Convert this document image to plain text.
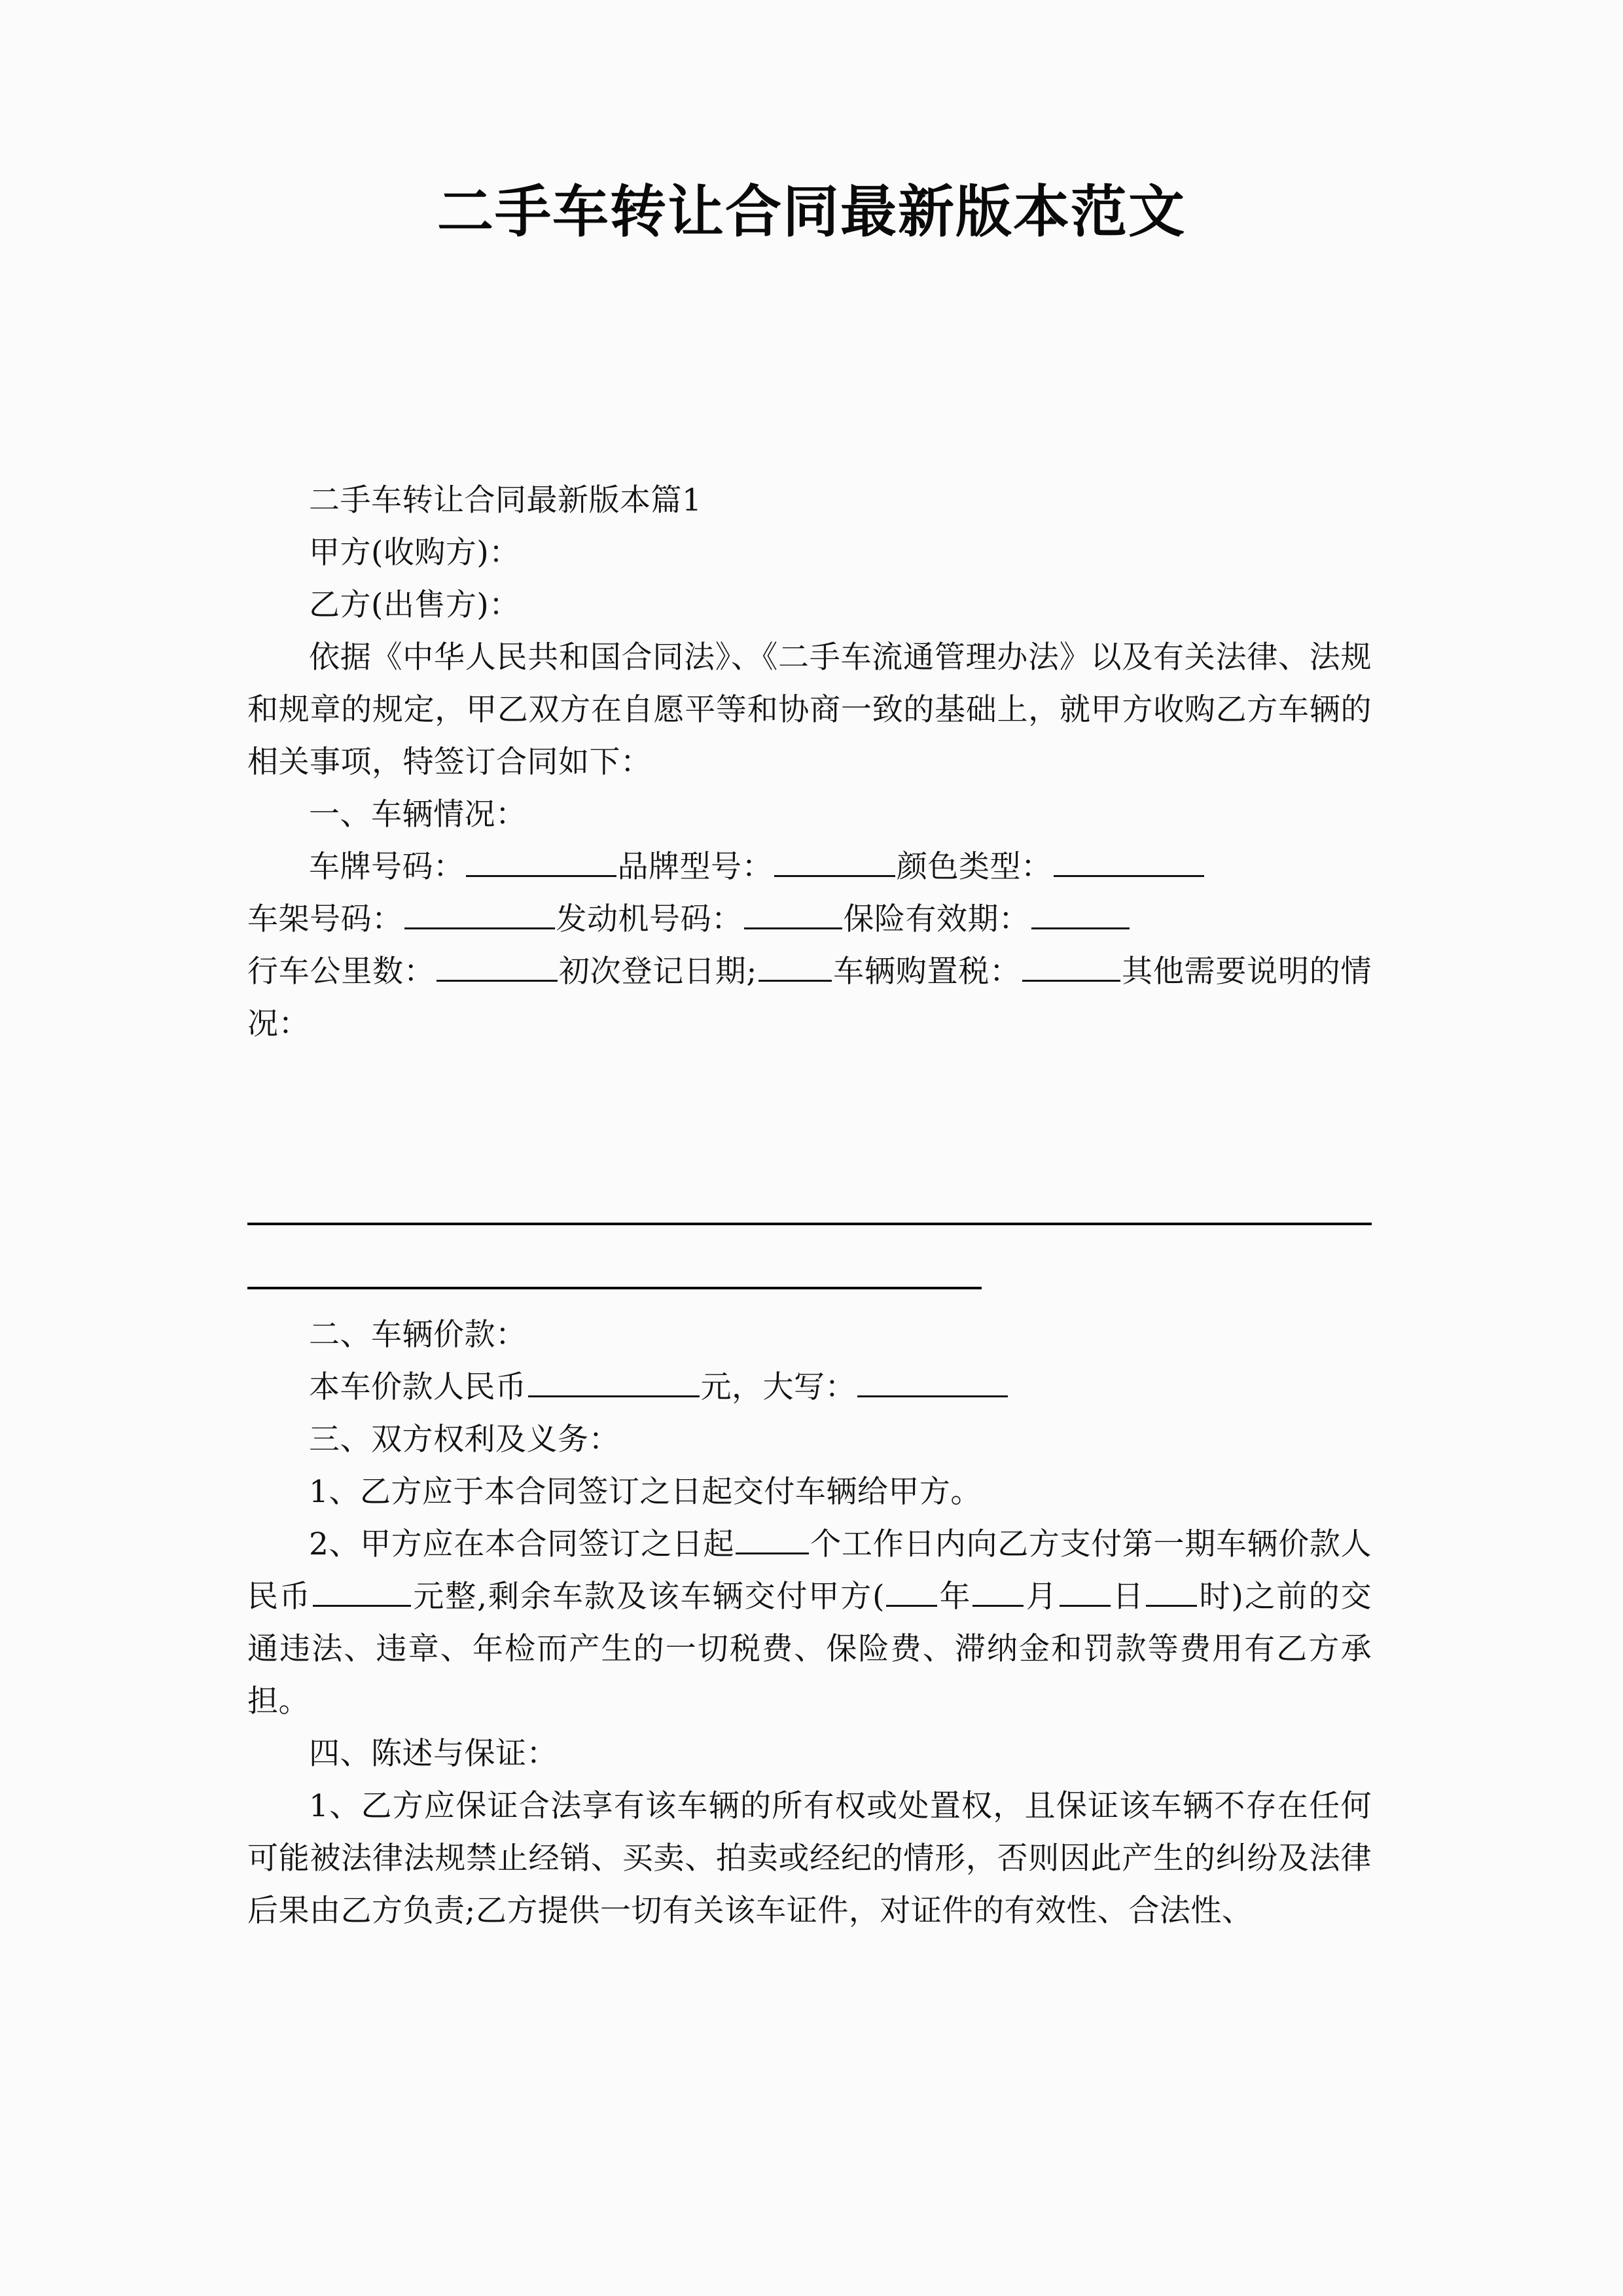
二手车转让合同最新版本范文

二手车转让合同最新版本篇1

甲方(收购方)：

乙方(出售方)：

依据《中华人民共和国合同法》、《二手车流通管理办法》以及有关法律、法规和规章的规定，甲乙双方在自愿平等和协商一致的基础上，就甲方收购乙方车辆的相关事项，特签订合同如下：

一、车辆情况：

车牌号码：	品牌型号：	颜色类型：

车架号码：	发动机号码：	保险有效期：

行车公里数：	初次登记日期; 车辆购置税：	其他需要说明的情况：

二、车辆价款：

本车价款人民币	元，大写：

三、双方权利及义务：

1、乙方应于本合同签订之日起交付车辆给甲方。

2、甲方应在本合同签订之日起 个工作日内向乙方支付第一期车辆价款人民币	元整,剩余车款及该车辆交付甲方( 年 月 日 时)之前的交通违法、违章、年检而产生的一切税费、保险费、滞纳金和罚款等费用有乙方承担。

四、陈述与保证：

1、乙方应保证合法享有该车辆的所有权或处置权，且保证该车辆不存在任何可能被法律法规禁止经销、买卖、拍卖或经纪的情形，否则因此产生的纠纷及法律后果由乙方负责;乙方提供一切有关该车证件，对证件的有效性、合法性、
